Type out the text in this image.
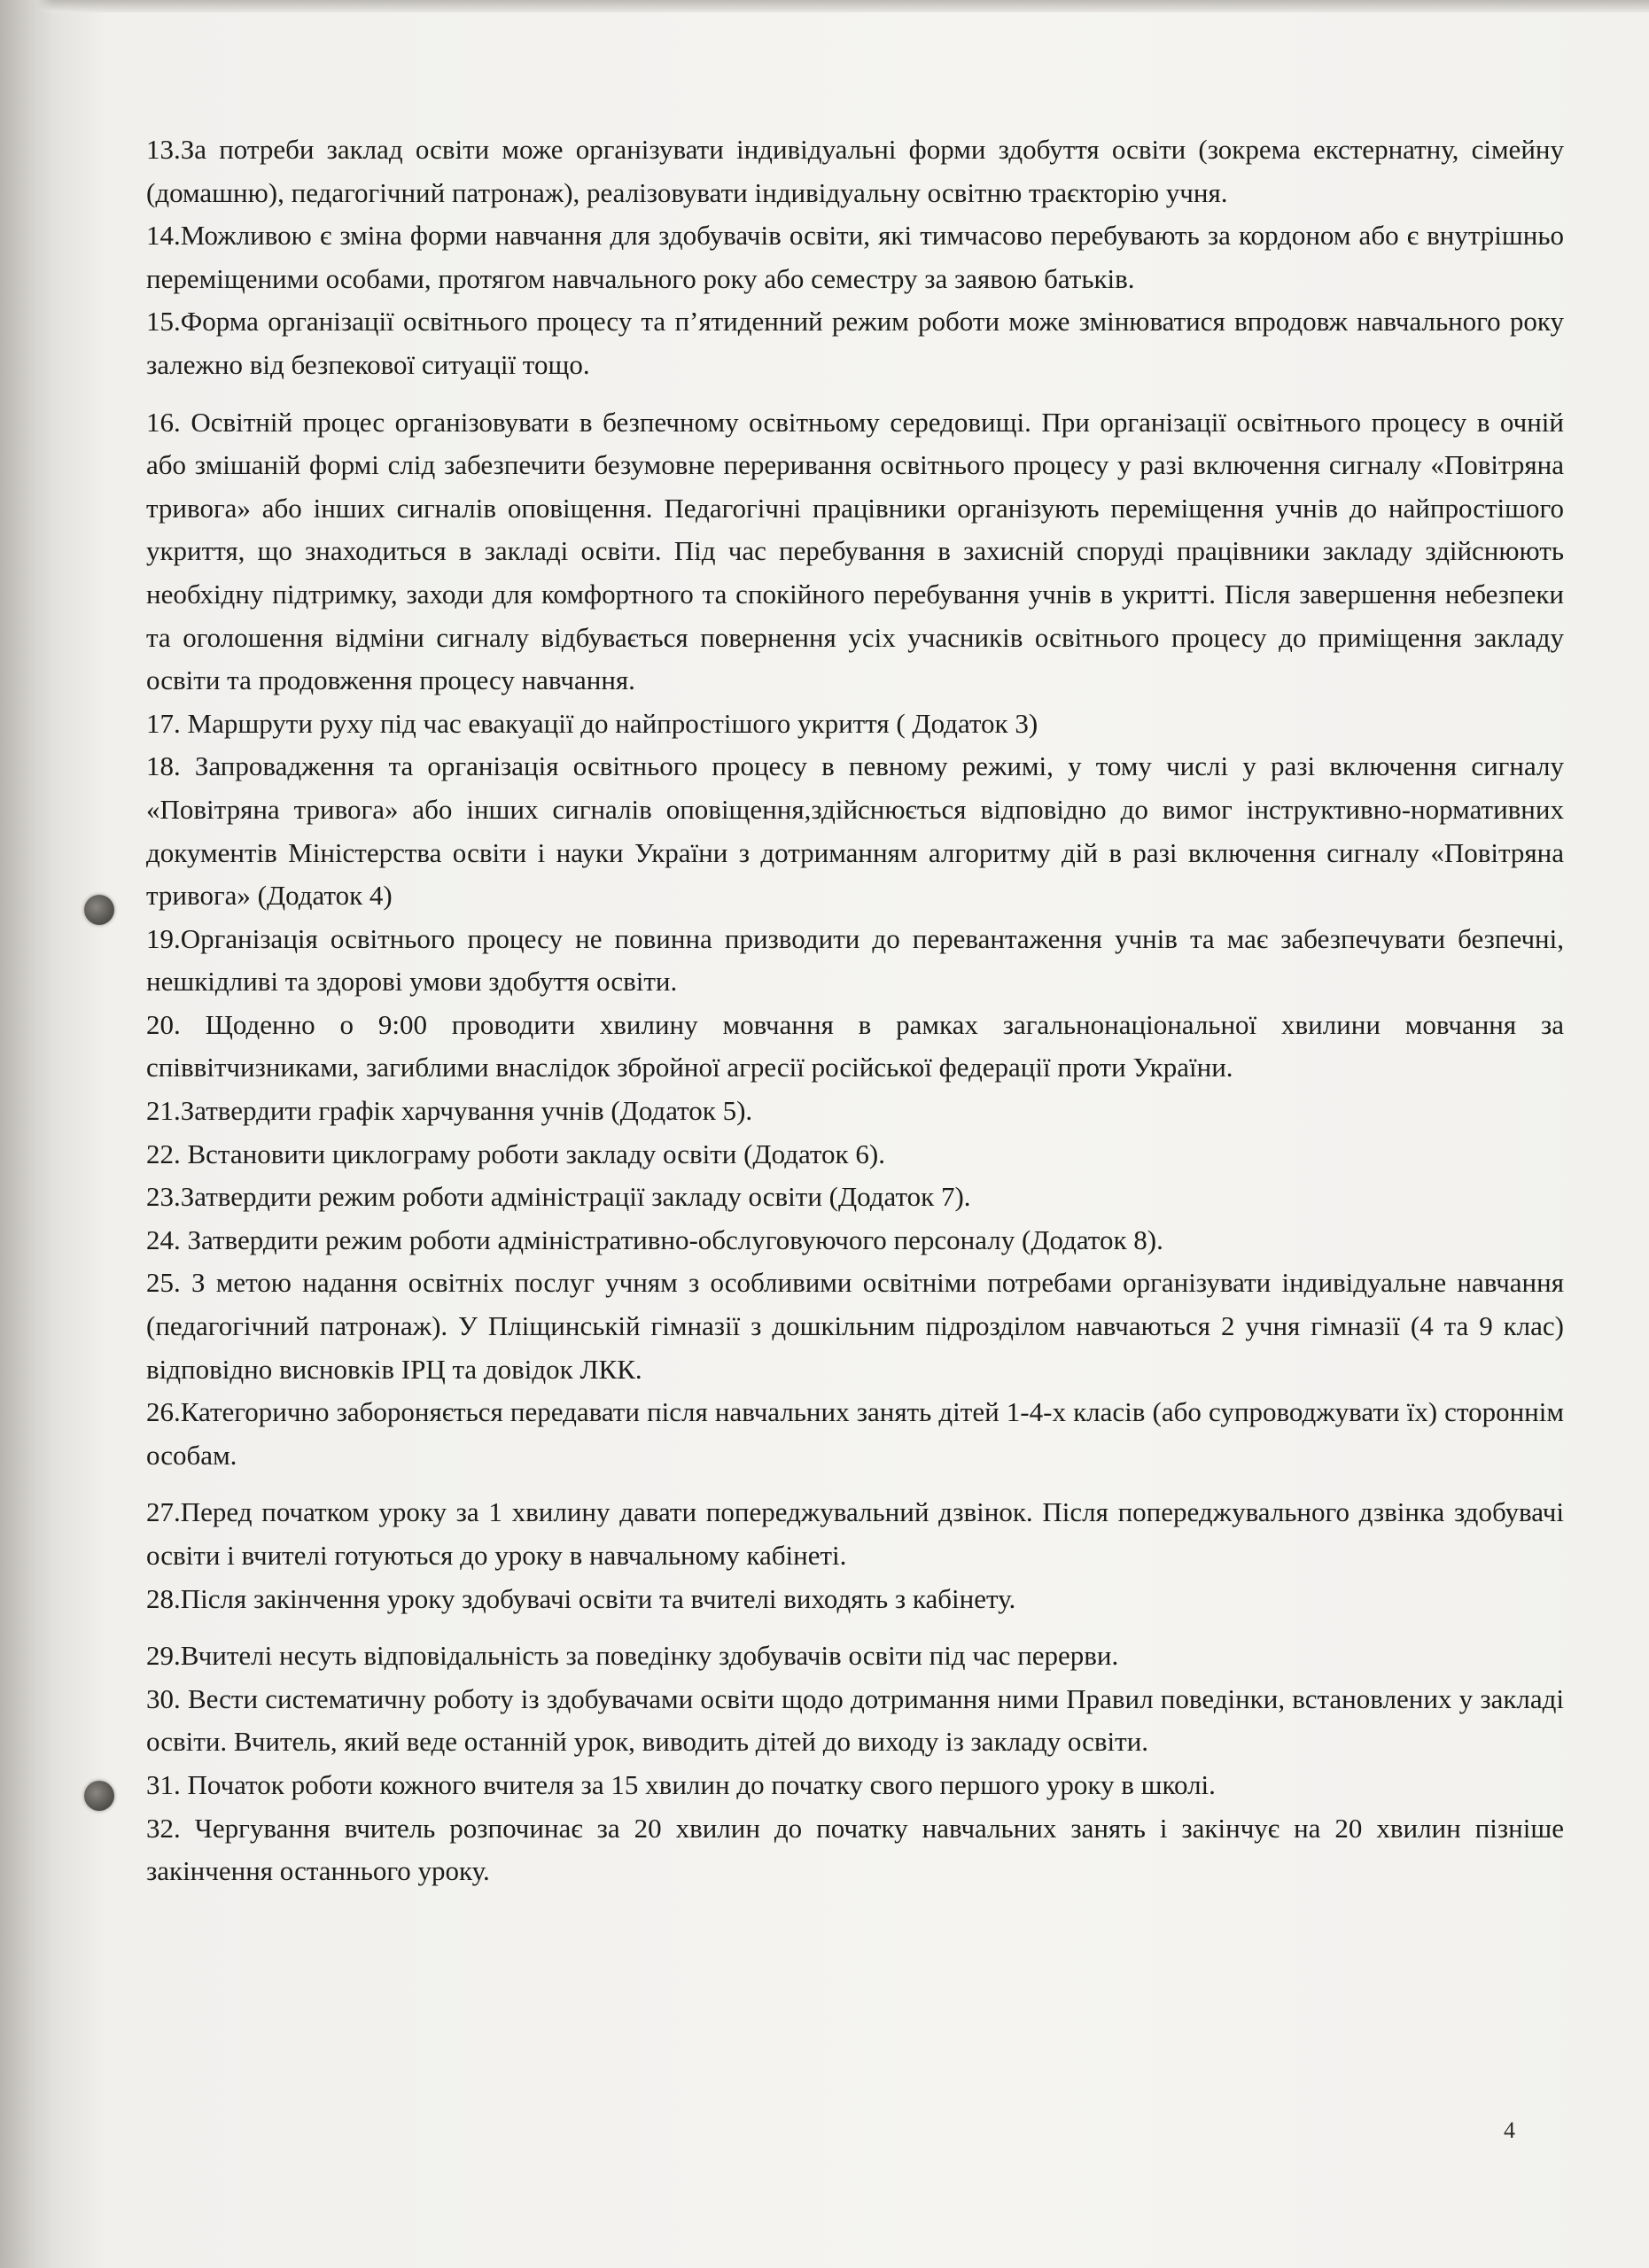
13.За потреби заклад освіти може організувати індивідуальні форми здобуття освіти (зокрема екстернатну, сімейну (домашню), педагогічний патронаж), реалізовувати індивідуальну освітню траєкторію учня.

14.Можливою є зміна форми навчання для здобувачів освіти, які тимчасово перебувають за кордоном або є внутрішньо переміщеними особами, протягом навчального року або семестру за заявою батьків.

15.Форма організації освітнього процесу та п’ятиденний режим роботи може змінюватися впродовж навчального року залежно від безпекової ситуації тощо.

16. Освітній процес організовувати в безпечному освітньому середовищі. При організації освітнього процесу в очній або змішаній формі слід забезпечити безумовне переривання освітнього процесу у разі включення сигналу «Повітряна тривога» або інших сигналів оповіщення. Педагогічні працівники організують переміщення учнів до найпростішого укриття, що знаходиться в закладі освіти. Під час перебування в захисній споруді працівники закладу здійснюють необхідну підтримку, заходи для комфортного та спокійного перебування учнів в укритті. Після завершення небезпеки та оголошення відміни сигналу відбувається повернення усіх учасників освітнього процесу до приміщення закладу освіти та продовження процесу навчання.

17. Маршрути руху під час евакуації до найпростішого укриття ( Додаток 3)

18. Запровадження та організація освітнього процесу в певному режимі, у тому числі у разі включення сигналу «Повітряна тривога» або інших сигналів оповіщення,здійснюється відповідно до вимог інструктивно-нормативних документів Міністерства освіти і науки України з дотриманням алгоритму дій в разі включення сигналу «Повітряна тривога» (Додаток 4)

19.Організація освітнього процесу не повинна призводити до перевантаження учнів та має забезпечувати безпечні, нешкідливі та здорові умови здобуття освіти.

20. Щоденно о 9:00 проводити хвилину мовчання в рамках загальнонаціональної хвилини мовчання за співвітчизниками, загиблими внаслідок збройної агресії російської федерації проти України.

21.Затвердити графік харчування учнів (Додаток 5).

22. Встановити циклограму роботи закладу освіти (Додаток 6).

23.Затвердити режим роботи адміністрації закладу освіти (Додаток 7).

24. Затвердити режим роботи адміністративно-обслуговуючого персоналу (Додаток 8).

25. З метою надання освітніх послуг учням з особливими освітніми потребами організувати індивідуальне навчання (педагогічний патронаж). У Пліщинській гімназії з дошкільним підрозділом навчаються 2 учня гімназії (4 та 9 клас) відповідно висновків ІРЦ та довідок ЛКК.

26.Категорично забороняється передавати після навчальних занять дітей 1-4-х класів (або супроводжувати їх) стороннім особам.

27.Перед початком уроку за 1 хвилину давати попереджувальний дзвінок. Після попереджувального дзвінка здобувачі освіти і вчителі готуються до уроку в навчальному кабінеті.

28.Після закінчення уроку здобувачі освіти та вчителі виходять з кабінету.

29.Вчителі несуть відповідальність за поведінку здобувачів освіти під час перерви.

30. Вести систематичну роботу із здобувачами освіти щодо дотримання ними Правил поведінки, встановлених у закладі освіти. Вчитель, який веде останній урок, виводить дітей до виходу із закладу освіти.

31. Початок роботи кожного вчителя за 15 хвилин до початку свого першого уроку в школі.

32. Чергування вчитель розпочинає за 20 хвилин до початку навчальних занять і закінчує на 20 хвилин пізніше закінчення останнього уроку.

4
